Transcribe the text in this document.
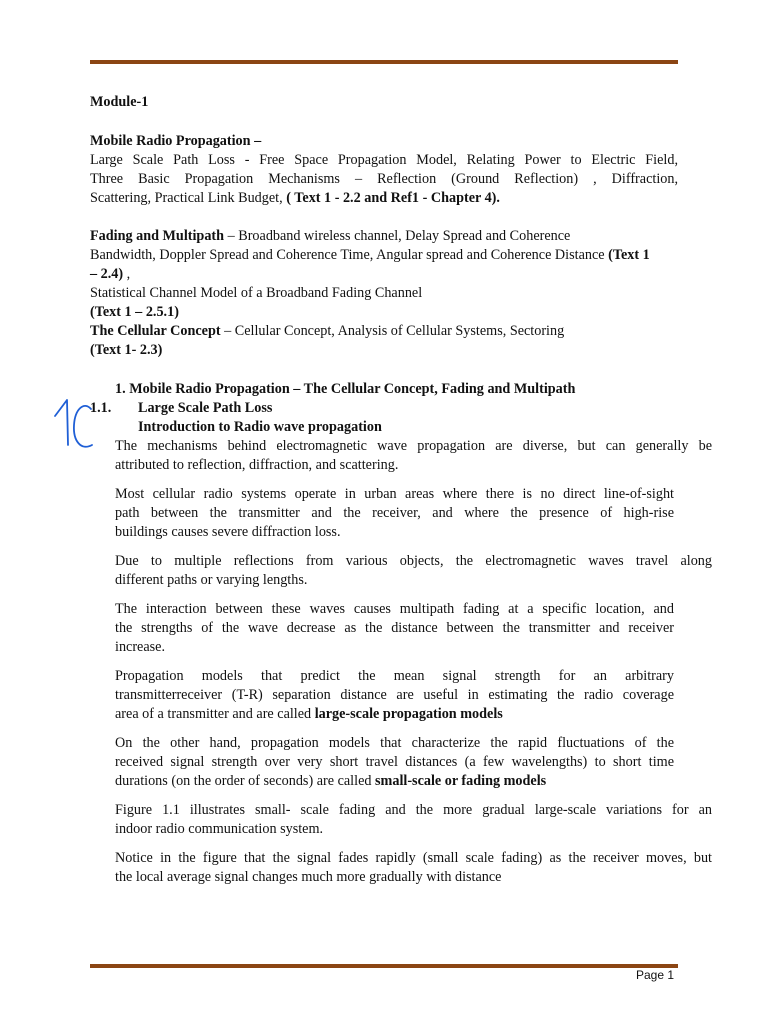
Module-1
Mobile Radio Propagation –
Large Scale Path Loss - Free Space Propagation Model, Relating Power to Electric Field,
Three Basic Propagation Mechanisms – Reflection (Ground Reflection) , Diffraction,
Scattering, Practical Link Budget, ( Text 1 - 2.2 and Ref1 - Chapter 4).
Fading and Multipath – Broadband wireless channel, Delay Spread and Coherence
Bandwidth, Doppler Spread and Coherence Time, Angular spread and Coherence Distance (Text 1
– 2.4) ,
Statistical Channel Model of a Broadband Fading Channel
(Text 1 – 2.5.1)
The Cellular Concept – Cellular Concept, Analysis of Cellular Systems, Sectoring
(Text 1- 2.3)
1. Mobile Radio Propagation – The Cellular Concept, Fading and Multipath
1.1. Large Scale Path Loss
Introduction to Radio wave propagation
The mechanisms behind electromagnetic wave propagation are diverse, but can generally be
attributed to reflection, diffraction, and scattering.
Most cellular radio systems operate in urban areas where there is no direct line-of-sight
path between the transmitter and the receiver, and where the presence of high-rise
buildings causes severe diffraction loss.
Due to multiple reflections from various objects, the electromagnetic waves travel along
different paths or varying lengths.
The interaction between these waves causes multipath fading at a specific location, and
the strengths of the wave decrease as the distance between the transmitter and receiver
increase.
Propagation models that predict the mean signal strength for an arbitrary
transmitterreceiver (T-R) separation distance are useful in estimating the radio coverage
area of a transmitter and are called large-scale propagation models
On the other hand, propagation models that characterize the rapid fluctuations of the
received signal strength over very short travel distances (a few wavelengths) to short time
durations (on the order of seconds) are called small-scale or fading models
Figure 1.1 illustrates small- scale fading and the more gradual large-scale variations for an
indoor radio communication system.
Notice in the figure that the signal fades rapidly (small scale fading) as the receiver moves, but
the local average signal changes much more gradually with distance
Page 1
